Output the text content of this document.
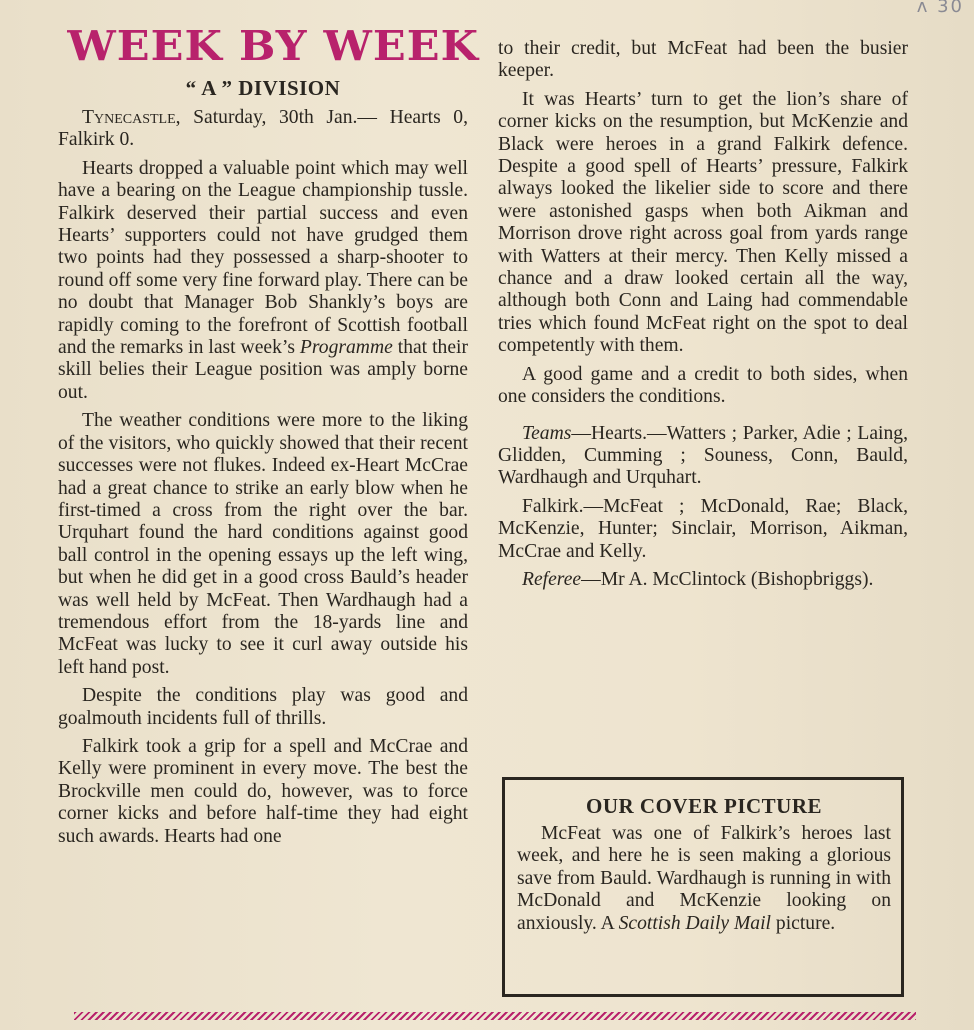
ᴧ 30
WEEK BY WEEK
“ A ” DIVISION

Tynecastle, Saturday, 30th Jan.— Hearts 0, Falkirk 0.

Hearts dropped a valuable point which may well have a bearing on the League championship tussle. Falkirk deserved their partial success and even Hearts’ supporters could not have grudged them two points had they possessed a sharp-shooter to round off some very fine forward play. There can be no doubt that Manager Bob Shankly’s boys are rapidly coming to the forefront of Scottish football and the remarks in last week’s Programme that their skill belies their League position was amply borne out.

The weather conditions were more to the liking of the visitors, who quickly showed that their recent successes were not flukes. Indeed ex-Heart McCrae had a great chance to strike an early blow when he first-timed a cross from the right over the bar. Urquhart found the hard conditions against good ball control in the opening essays up the left wing, but when he did get in a good cross Bauld’s header was well held by McFeat. Then Wardhaugh had a tremendous effort from the 18-yards line and McFeat was lucky to see it curl away outside his left hand post.

Despite the conditions play was good and goalmouth incidents full of thrills.

Falkirk took a grip for a spell and McCrae and Kelly were prominent in every move. The best the Brockville men could do, however, was to force corner kicks and before half-time they had eight such awards. Hearts had one

to their credit, but McFeat had been the busier keeper.

It was Hearts’ turn to get the lion’s share of corner kicks on the resumption, but McKenzie and Black were heroes in a grand Falkirk defence. Despite a good spell of Hearts’ pressure, Falkirk always looked the likelier side to score and there were astonished gasps when both Aikman and Morrison drove right across goal from yards range with Watters at their mercy. Then Kelly missed a chance and a draw looked certain all the way, although both Conn and Laing had commendable tries which found McFeat right on the spot to deal competently with them.

A good game and a credit to both sides, when one considers the conditions.

Teams—Hearts.—Watters ; Parker, Adie ; Laing, Glidden, Cumming ; Souness, Conn, Bauld, Wardhaugh and Urquhart.

Falkirk.—McFeat ; McDonald, Rae; Black, McKenzie, Hunter; Sinclair, Morrison, Aikman, McCrae and Kelly.

Referee—Mr A. McClintock (Bishopbriggs).

OUR COVER PICTURE

McFeat was one of Falkirk’s heroes last week, and here he is seen making a glorious save from Bauld. Wardhaugh is running in with McDonald and McKenzie looking on anxiously. A Scottish Daily Mail picture.
